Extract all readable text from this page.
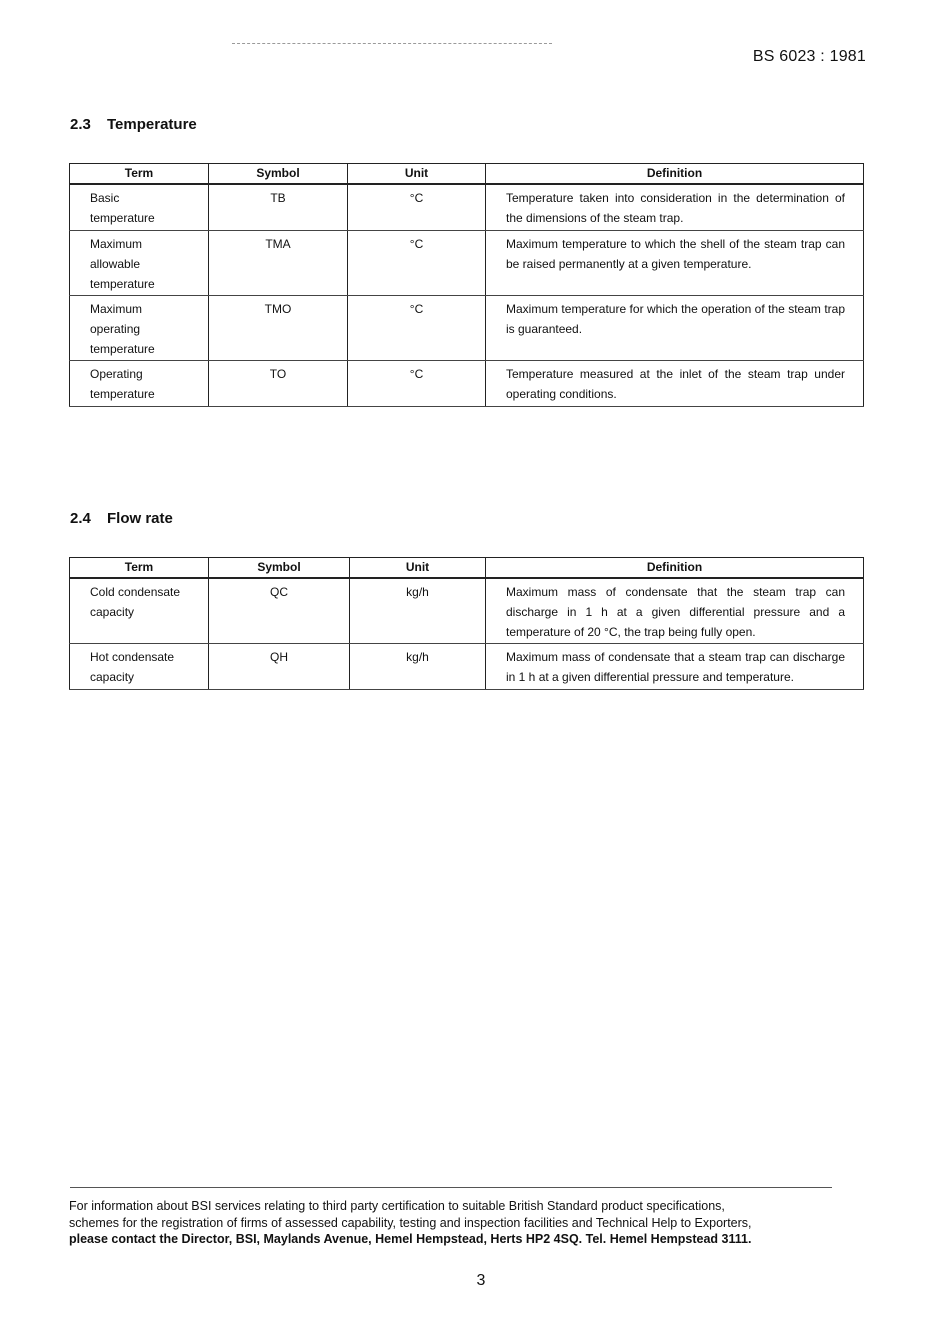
BS 6023 : 1981
2.3 Temperature
Term	Symbol	Unit	Definition

Basic temperature	TB	°C	Temperature taken into consideration in the determination of the dimensions of the steam trap.

Maximum allowable temperature	TMA	°C	Maximum temperature to which the shell of the steam trap can be raised permanently at a given temperature.

Maximum operating temperature	TMO	°C	Maximum temperature for which the operation of the steam trap is guaranteed.

Operating temperature	TO	°C	Temperature measured at the inlet of the steam trap under operating conditions.
2.4 Flow rate
Term	Symbol	Unit	Definition

Cold condensate capacity	QC	kg/h	Maximum mass of condensate that the steam trap can discharge in 1 h at a given differential pressure and a temperature of 20 °C, the trap being fully open.

Hot condensate capacity	QH	kg/h	Maximum mass of condensate that a steam trap can discharge in 1 h at a given differential pressure and temperature.

For information about BSI services relating to third party certification to suitable British Standard product specifications,
schemes for the registration of firms of assessed capability, testing and inspection facilities and Technical Help to Exporters,
please contact the Director, BSI, Maylands Avenue, Hemel Hempstead, Herts HP2 4SQ. Tel. Hemel Hempstead 3111.

3
